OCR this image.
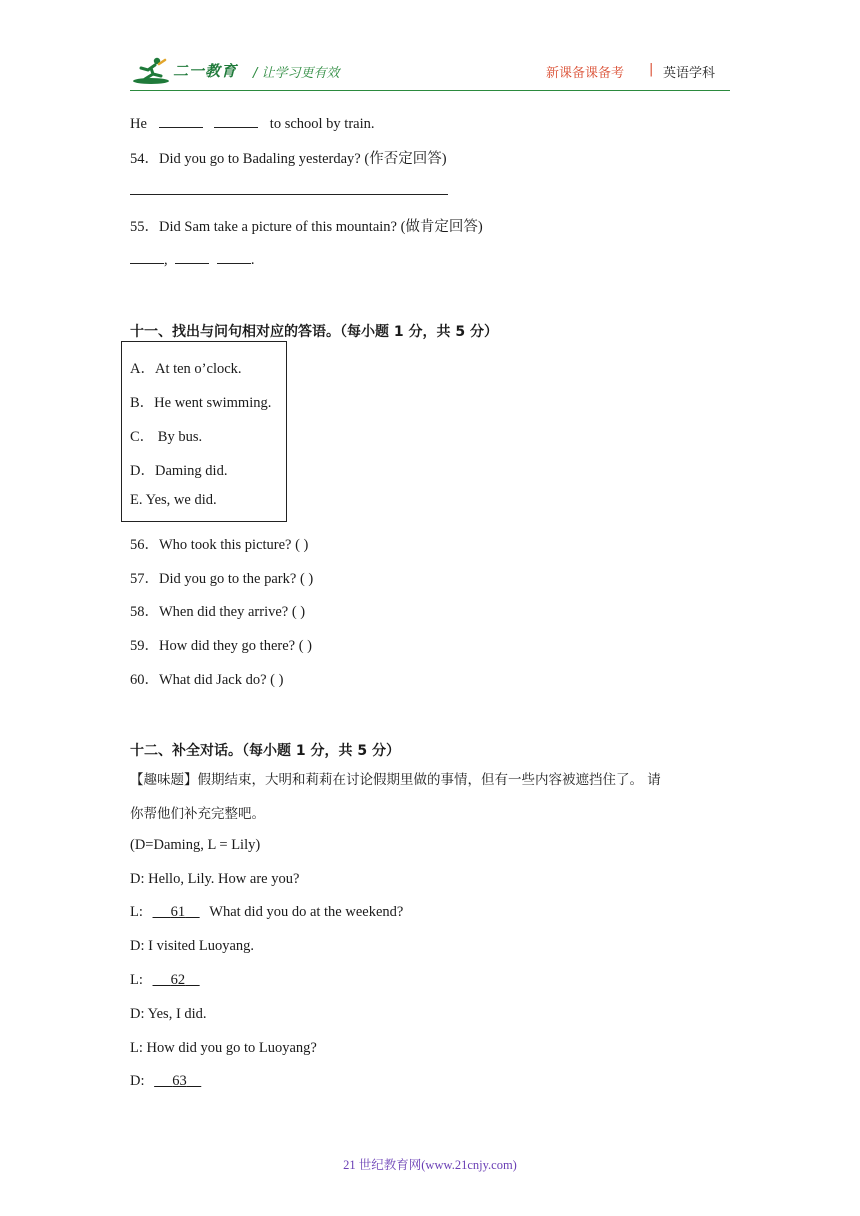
二一教育 / 让学习更有效	新课备课备考 | 英语学科
He	to school by train.
54．Did you go to Badaling yesterday? (作否定回答)
55．Did Sam take a picture of this mountain? (做肯定回答)
,	.
十一、找出与问句相对应的答语。（每小题 1 分，共 5 分）
A．At ten o’clock.
B．He went swimming.
C． By bus.
D．Daming did.
E. Yes, we did.
56．Who took this picture? ( )
57．Did you go to the park? ( )
58．When did they arrive? ( )
59．How did they go there? ( )
60．What did Jack do? ( )
十二、补全对话。（每小题 1 分，共 5 分）
【趣味题】假期结束，大明和莉莉在讨论假期里做的事情，但有一些内容被遮挡住了。 请
你帮他们补充完整吧。
(D=Daming, L = Lily)
D: Hello, Lily. How are you?
L: 61 What did you do at the weekend?
D: I visited Luoyang.
L: 62
D: Yes, I did.
L: How did you go to Luoyang?
D: 63
21 世纪教育网(www.21cnjy.com)
